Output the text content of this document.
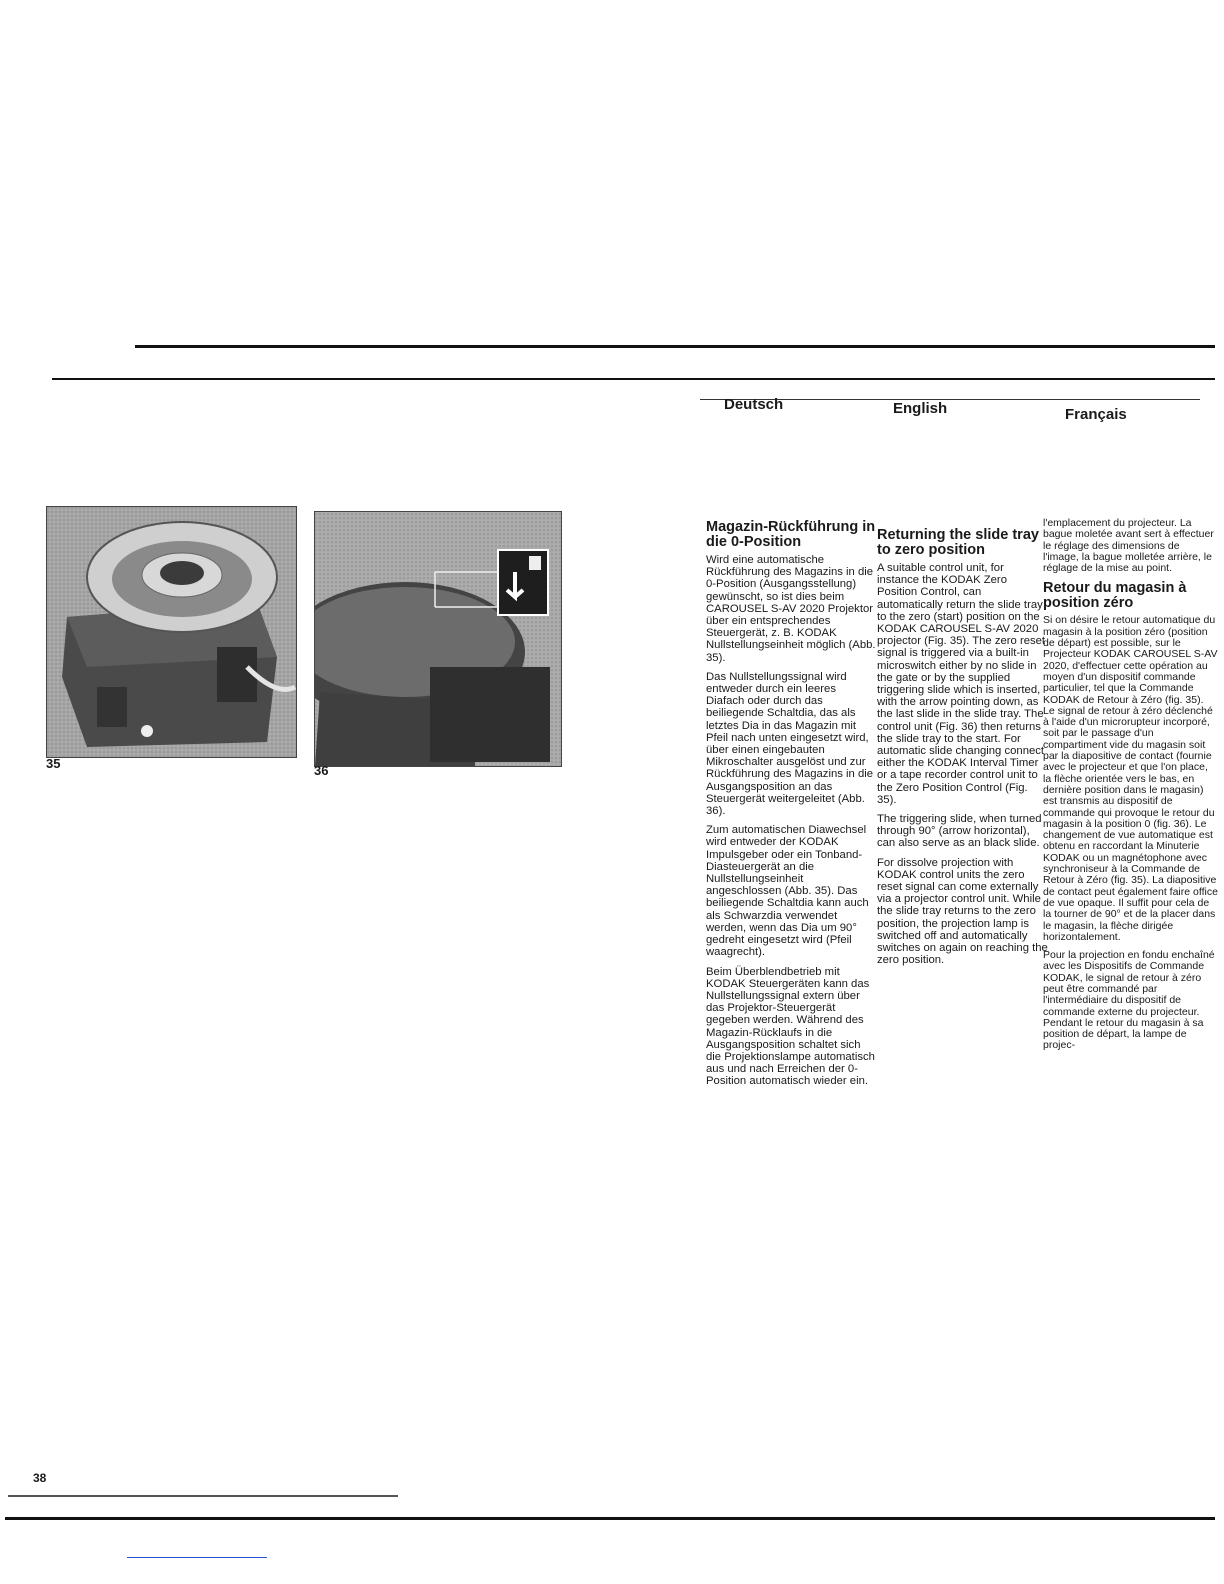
Deutsch	English	Français
35	36
Magazin-Rückführung in die 0-Position

Wird eine automatische Rückführung des Magazins in die 0-Position (Ausgangsstellung) gewünscht, so ist dies beim CAROUSEL S-AV 2020 Projektor über ein entsprechendes Steuergerät, z. B. KODAK Nullstellungseinheit möglich (Abb. 35).

Das Nullstellungssignal wird entweder durch ein leeres Diafach oder durch das beiliegende Schaltdia, das als letztes Dia in das Magazin mit Pfeil nach unten eingesetzt wird, über einen eingebauten Mikroschalter ausgelöst und zur Rückführung des Magazins in die Ausgangsposition an das Steuergerät weitergeleitet (Abb. 36).

Zum automatischen Diawechsel wird entweder der KODAK Impulsgeber oder ein Tonband-Diasteuergerät an die Nullstellungseinheit angeschlossen (Abb. 35). Das beiliegende Schaltdia kann auch als Schwarzdia verwendet werden, wenn das Dia um 90° gedreht eingesetzt wird (Pfeil waagrecht).

Beim Überblendbetrieb mit KODAK Steuergeräten kann das Nullstellungssignal extern über das Projektor-Steuergerät gegeben werden. Während des Magazin-Rücklaufs in die Ausgangsposition schaltet sich die Projektionslampe automatisch aus und nach Erreichen der 0-Position automatisch wieder ein.

Returning the slide tray to zero position

A suitable control unit, for instance the KODAK Zero Position Control, can automatically return the slide tray to the zero (start) position on the KODAK CAROUSEL S-AV 2020 projector (Fig. 35). The zero reset signal is triggered via a built-in microswitch either by no slide in the gate or by the supplied triggering slide which is inserted, with the arrow pointing down, as the last slide in the slide tray. The control unit (Fig. 36) then returns the slide tray to the start. For automatic slide changing connect either the KODAK Interval Timer or a tape recorder control unit to the Zero Position Control (Fig. 35).

The triggering slide, when turned through 90° (arrow horizontal), can also serve as an black slide.

For dissolve projection with KODAK control units the zero reset signal can come externally via a projector control unit. While the slide tray returns to the zero position, the projection lamp is switched off and automatically switches on again on reaching the zero position.

l'emplacement du projecteur. La bague moletée avant sert à effectuer le réglage des dimensions de l'image, la bague molletée arrière, le réglage de la mise au point.

Retour du magasin à position zéro

Si on désire le retour automatique du magasin à la position zéro (position de départ) est possible, sur le Projecteur KODAK CAROUSEL S-AV 2020, d'effectuer cette opération au moyen d'un dispositif commande particulier, tel que la Commande KODAK de Retour à Zéro (fig. 35). Le signal de retour à zéro déclenché à l'aide d'un microrupteur incorporé, soit par le passage d'un compartiment vide du magasin soit par la diapositive de contact (fournie avec le projecteur et que l'on place, la flèche orientée vers le bas, en dernière position dans le magasin) est transmis au dispositif de commande qui provoque le retour du magasin à la position 0 (fig. 36). Le changement de vue automatique est obtenu en raccordant la Minuterie KODAK ou un magnétophone avec synchroniseur à la Commande de Retour à Zéro (fig. 35). La diapositive de contact peut également faire office de vue opaque. Il suffit pour cela de la tourner de 90° et de la placer dans le magasin, la flèche dirigée horizontalement.

Pour la projection en fondu enchaîné avec les Dispositifs de Commande KODAK, le signal de retour à zéro peut être commandé par l'intermédiaire du dispositif de commande externe du projecteur. Pendant le retour du magasin à sa position de départ, la lampe de projec-

38
